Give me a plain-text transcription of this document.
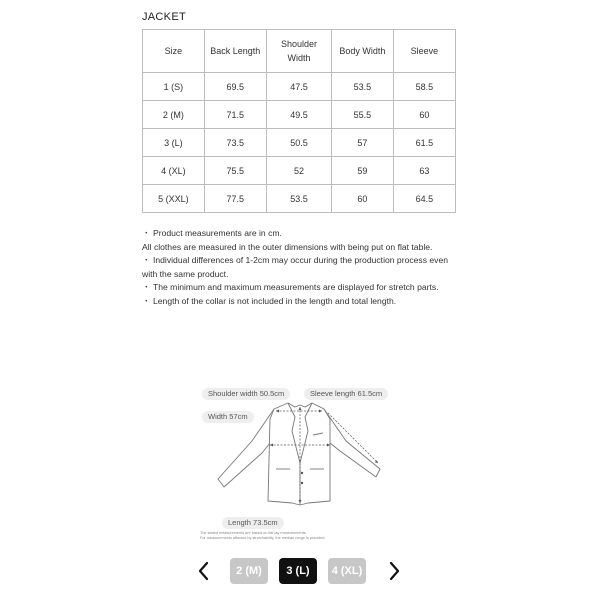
JACKET
Size	Back Length	Shoulder Width	Body Width	Sleeve
1 (S)	69.5	47.5	53.5	58.5
2 (M)	71.5	49.5	55.5	60
3 (L)	73.5	50.5	57	61.5
4 (XL)	75.5	52	59	63
5 (XXL)	77.5	53.5	60	64.5

・ Product measurements are in cm.

All clothes are measured in the outer dimensions with being put on flat table.

・ Individual differences of 1-2cm may occur during the production process even with the same product.

・ The minimum and maximum measurements are displayed for stretch parts.

・ Length of the collar is not included in the length and total length.

Shoulder width 50.5cm	Sleeve length 61.5cm
Width 57cm
Length 73.5cm
The stated measurements are based on flat lay measurements.
For measurements affected by stretchability, the median range is provided.
2 (M)	3 (L)	4 (XL)
